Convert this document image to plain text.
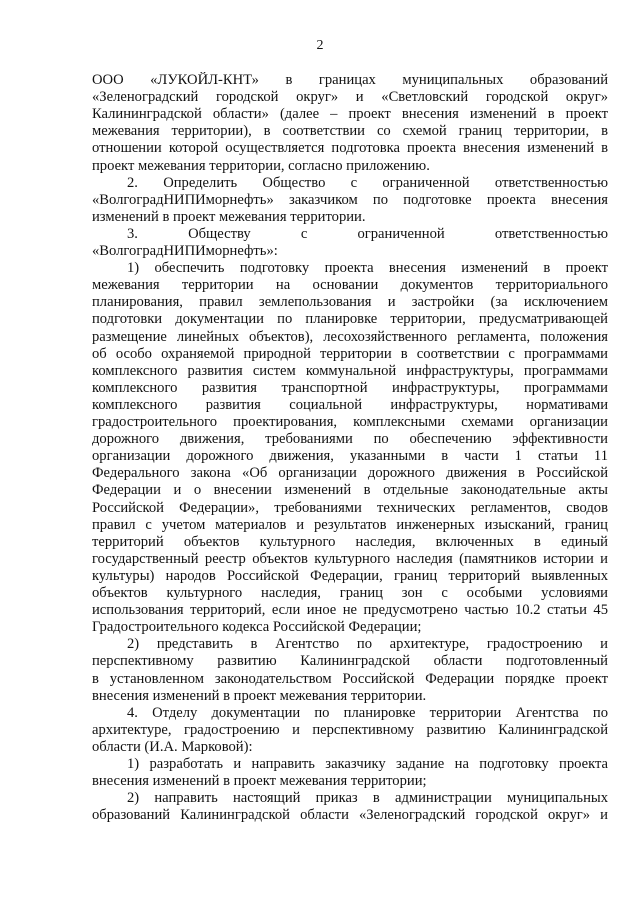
2
ООО «ЛУКОЙЛ-КНТ» в границах муниципальных образований
«Зеленоградский городской округ» и «Светловский городской округ»
Калининградской области» (далее – проект внесения изменений в проект
межевания территории), в соответствии со схемой границ территории, в
отношении которой осуществляется подготовка проекта внесения изменений в
проект межевания территории, согласно приложению.
2. Определить Общество с ограниченной ответственностью
«ВолгоградНИПИморнефть» заказчиком по подготовке проекта внесения
изменений в проект межевания территории.
3. Обществу с ограниченной ответственностью
«ВолгоградНИПИморнефть»:
1) обеспечить подготовку проекта внесения изменений в проект
межевания территории на основании документов территориального
планирования, правил землепользования и застройки (за исключением
подготовки документации по планировке территории, предусматривающей
размещение линейных объектов), лесохозяйственного регламента, положения
об особо охраняемой природной территории в соответствии с программами
комплексного развития систем коммунальной инфраструктуры, программами
комплексного развития транспортной инфраструктуры, программами
комплексного развития социальной инфраструктуры, нормативами
градостроительного проектирования, комплексными схемами организации
дорожного движения, требованиями по обеспечению эффективности
организации дорожного движения, указанными в части 1 статьи 11
Федерального закона «Об организации дорожного движения в Российской
Федерации и о внесении изменений в отдельные законодательные акты
Российской Федерации», требованиями технических регламентов, сводов
правил с учетом материалов и результатов инженерных изысканий, границ
территорий объектов культурного наследия, включенных в единый
государственный реестр объектов культурного наследия (памятников истории и
культуры) народов Российской Федерации, границ территорий выявленных
объектов культурного наследия, границ зон с особыми условиями
использования территорий, если иное не предусмотрено частью 10.2 статьи 45
Градостроительного кодекса Российской Федерации;
2) представить в Агентство по архитектуре, градостроению и
перспективному развитию Калининградской области подготовленный
в установленном законодательством Российской Федерации порядке проект
внесения изменений в проект межевания территории.
4. Отделу документации по планировке территории Агентства по
архитектуре, градостроению и перспективному развитию Калининградской
области (И.А. Марковой):
1) разработать и направить заказчику задание на подготовку проекта
внесения изменений в проект межевания территории;
2) направить настоящий приказ в администрации муниципальных
образований Калининградской области «Зеленоградский городской округ» и
